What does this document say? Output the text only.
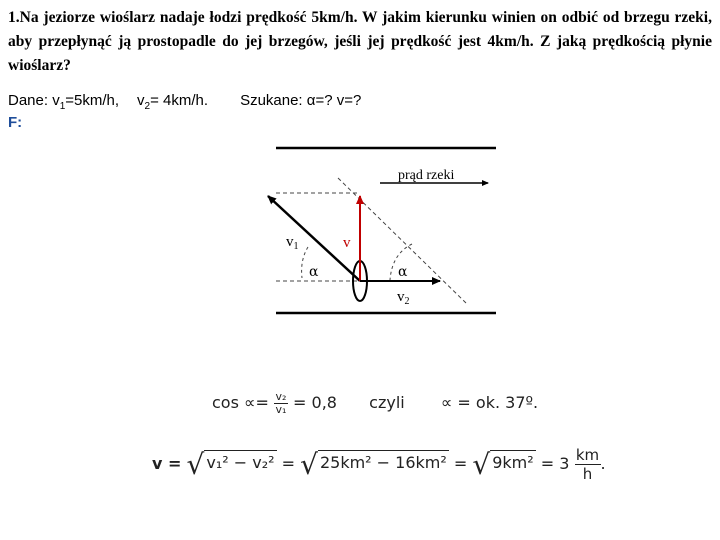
1.Na jeziorze wioślarz nadaje łodzi prędkość 5km/h. W jakim kierunku winien on odbić od brzegu rzeki, aby przepłynąć ją prostopadle do jej brzegów, jeśli jej prędkość jest 4km/h. Z jaką prędkością płynie wioślarz?
Dane: $v_1=5km/h$, $v_2= 4km/h$. Szukane: α=? v=?
F:
prąd rzeki
$v_1$	v
α	α
$v_2$
$\cos \propto= \frac{\text{v₂}}{\text{v₁}} = 0,8$ czyli ∝ = ok. 37º.
v = √ v₁² − v₂² = √ 25km² − 16km² = √ $9km^2 = 3 \frac{km}{h}$ .
